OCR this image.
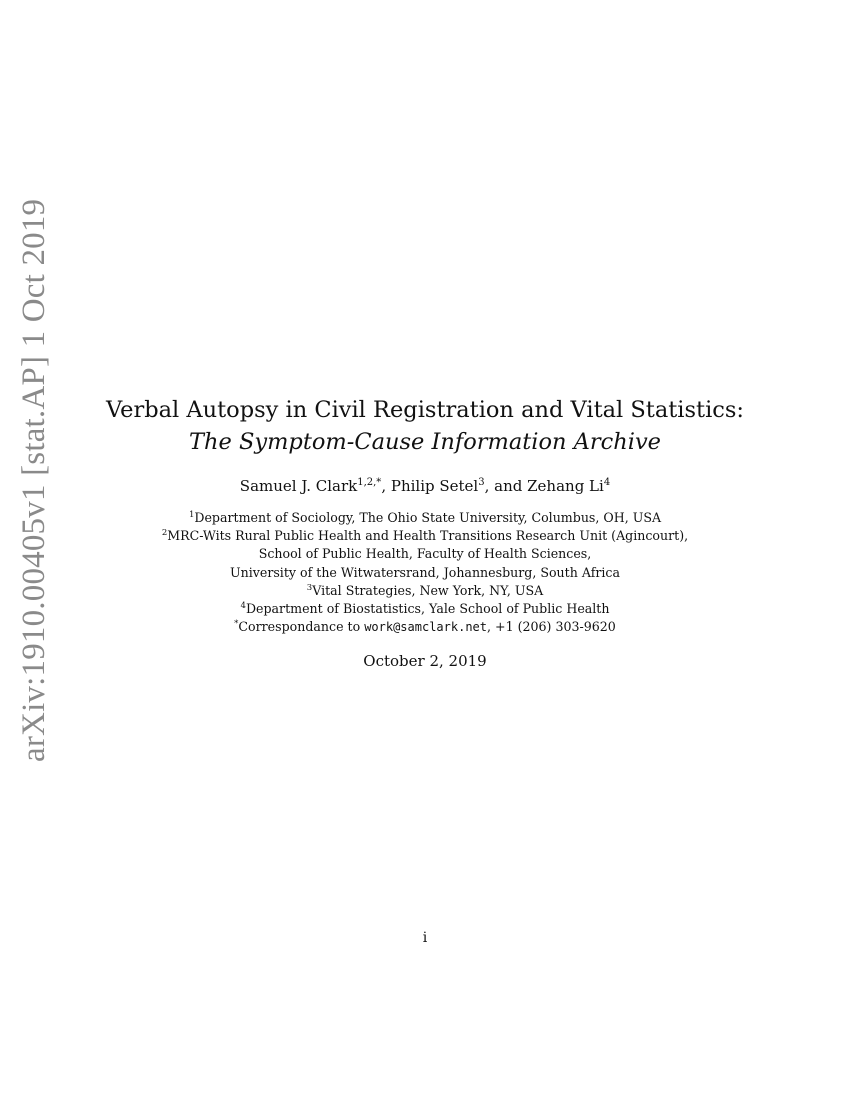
arXiv:1910.00405v1 [stat.AP] 1 Oct 2019	Verbal Autopsy in Civil Registration and Vital Statistics:
The Symptom-Cause Information Archive
Samuel J. Clark$^{1,2,*}$, Philip Setel$^3$, and Zehang Li$^4$
$^1$Department of Sociology, The Ohio State University, Columbus, OH, USA
$^2$MRC-Wits Rural Public Health and Health Transitions Research Unit (Agincourt),
School of Public Health, Faculty of Health Sciences,
University of the Witwatersrand, Johannesburg, South Africa
$^3$Vital Strategies, New York, NY, USA
$^4$Department of Biostatistics, Yale School of Public Health
*Correspondance to work@samclark.net, +1 (206) 303-9620
October 2, 2019
i
